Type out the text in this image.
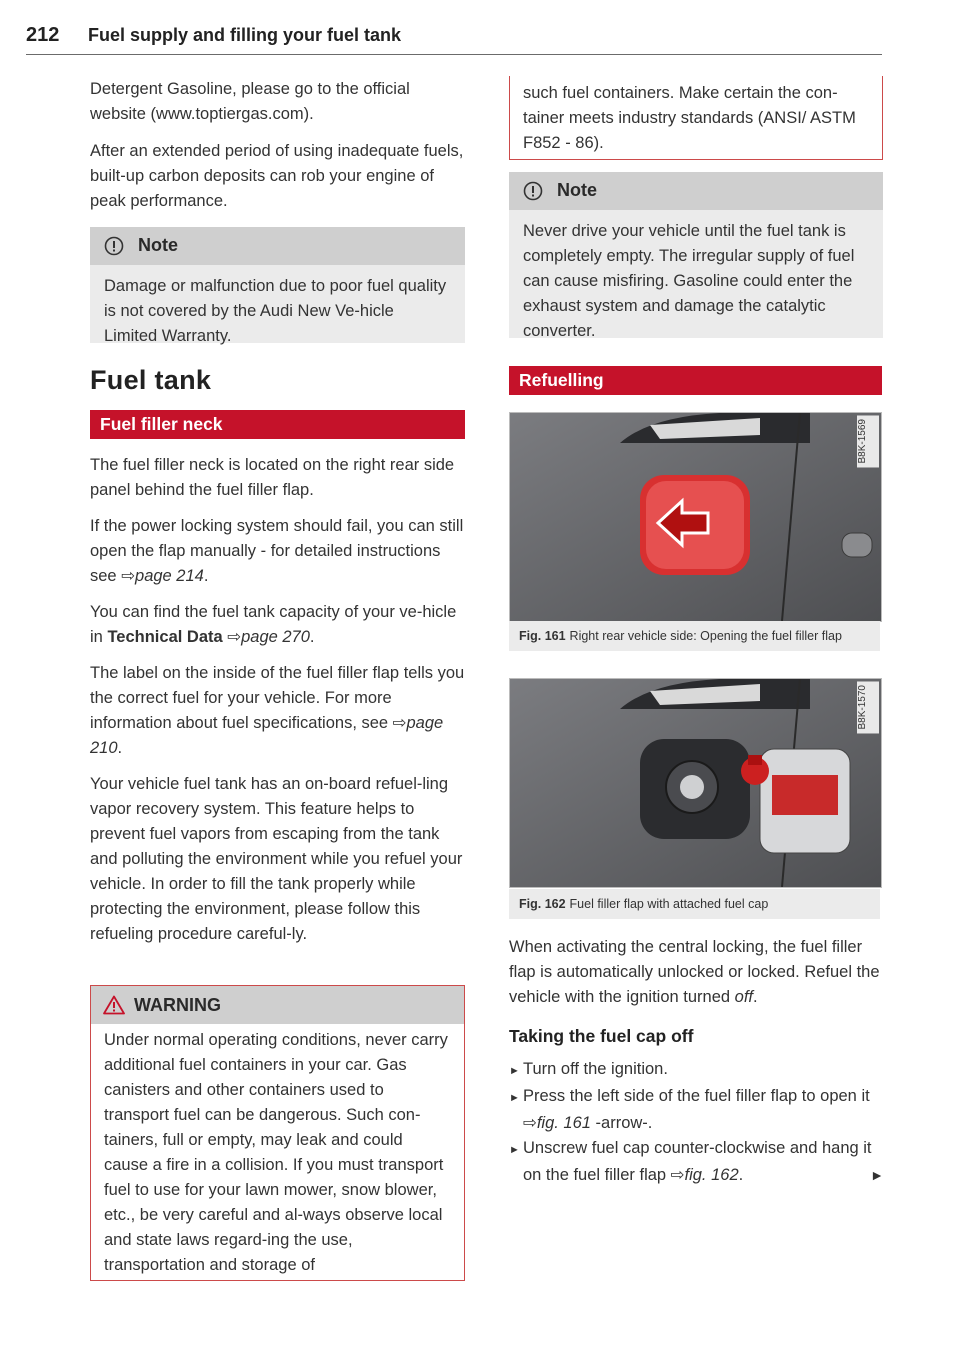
212 Fuel supply and filling your fuel tank

Detergent Gasoline, please go to the official website (www.toptiergas.com).

After an extended period of using inadequate fuels, built-up carbon deposits can rob your engine of peak performance.

Note
Damage or malfunction due to poor fuel quality is not covered by the Audi New Ve-hicle Limited Warranty.
Fuel tank
Fuel filler neck

The fuel filler neck is located on the right rear side panel behind the fuel filler flap.

If the power locking system should fail, you can still open the flap manually - for detailed instructions see ⇨page 214.

You can find the fuel tank capacity of your ve-hicle in Technical Data ⇨page 270.

The label on the inside of the fuel filler flap tells you the correct fuel for your vehicle. For more information about fuel specifications, see ⇨page 210.

Your vehicle fuel tank has an on-board refuel-ling vapor recovery system. This feature helps to prevent fuel vapors from escaping from the tank and polluting the environment while you refuel your vehicle. In order to fill the tank properly while protecting the environment, please follow this refueling procedure careful-ly.

WARNING
Under normal operating conditions, never carry additional fuel containers in your car. Gas canisters and other containers used to transport fuel can be dangerous. Such con-tainers, full or empty, may leak and could cause a fire in a collision. If you must transport fuel to use for your lawn mower, snow blower, etc., be very careful and al-ways observe local and state laws regard-ing the use, transportation and storage of
such fuel containers. Make certain the con-tainer meets industry standards (ANSI/ ASTM F852 - 86).
Note
Never drive your vehicle until the fuel tank is completely empty. The irregular supply of fuel can cause misfiring. Gasoline could enter the exhaust system and damage the catalytic converter.
Refuelling
B8K-1569
Fig. 161 Right rear vehicle side: Opening the fuel filler flap
B8K-1570
Fig. 162 Fuel filler flap with attached fuel cap

When activating the central locking, the fuel filler flap is automatically unlocked or locked. Refuel the vehicle with the ignition turned off.

Taking the fuel cap off
► Turn off the ignition.
► Press the left side of the fuel filler flap to open it ⇨fig. 161 -arrow-.
► Unscrew fuel cap counter-clockwise and hang it on the fuel filler flap ⇨fig. 162.	►
